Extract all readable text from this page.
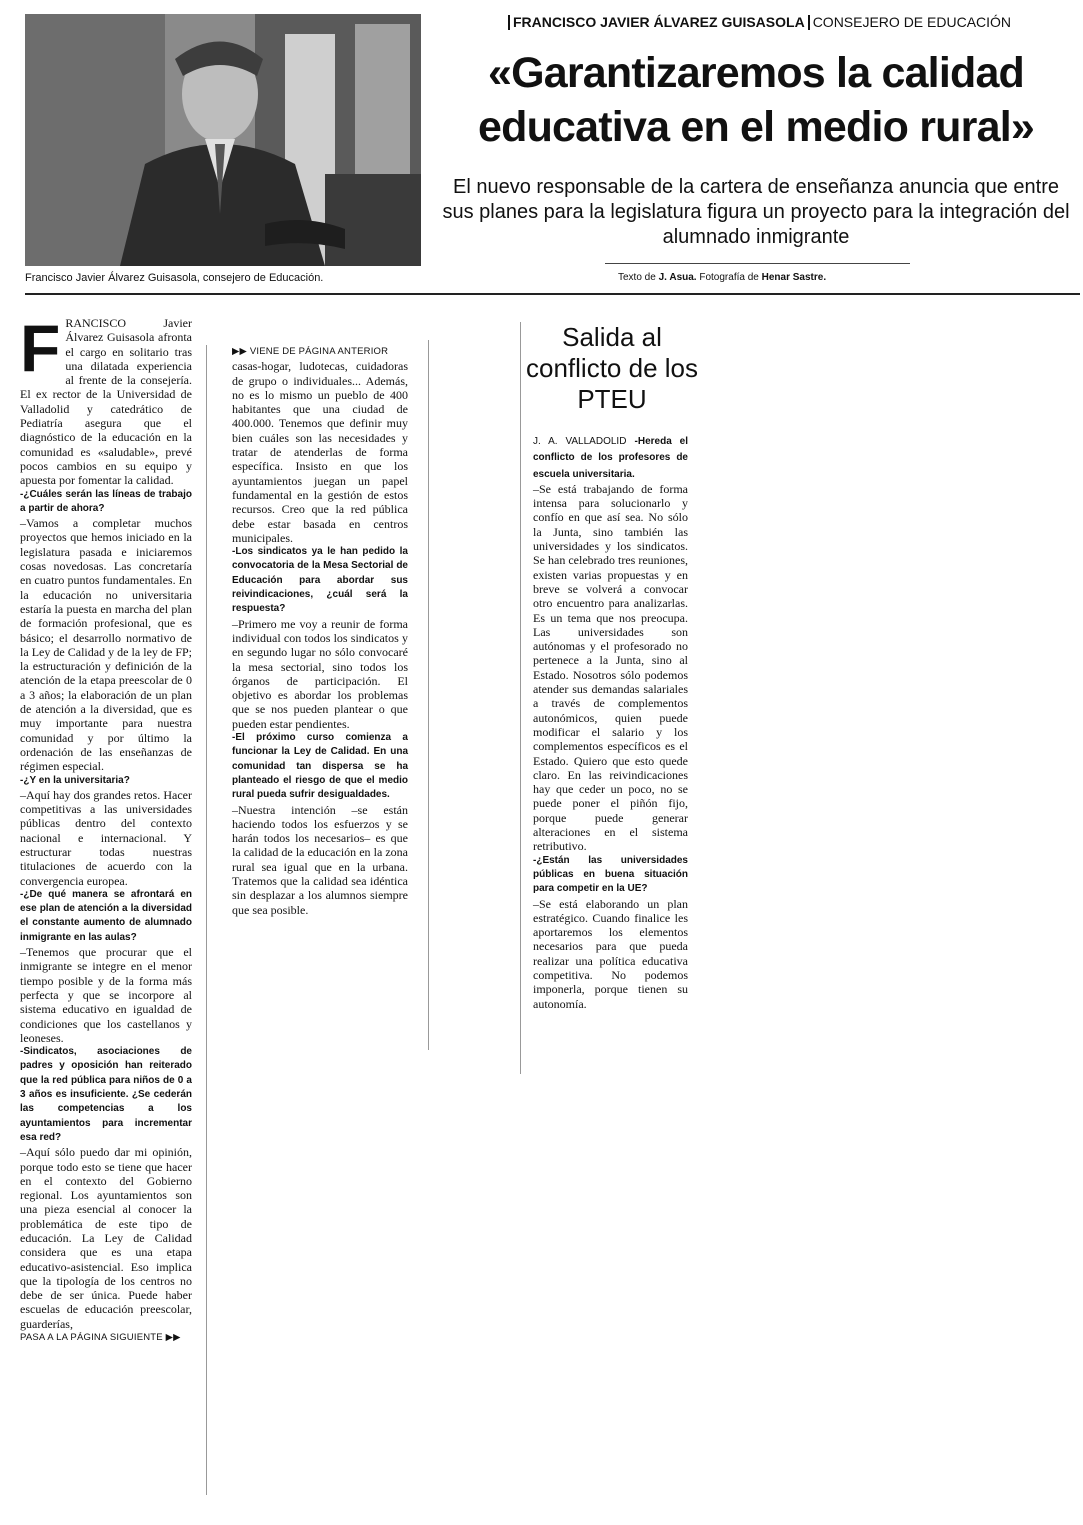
Francisco Javier Álvarez Guisasola, consejero de Educación.
FRANCISCO JAVIER ÁLVAREZ GUISASOLA CONSEJERO DE EDUCACIÓN
«Garantizaremos la calidad educativa en el medio rural»
El nuevo responsable de la cartera de enseñanza anuncia que entre sus planes para la legislatura figura un proyecto para la integración del alumnado inmigrante
Texto de J. Asua. Fotografía de Henar Sastre.
F RANCISCO Javier Álvarez Guisasola afronta el cargo en solitario tras una dilatada experiencia al frente de la consejería. El ex rector de la Universidad de Valladolid y catedrático de Pediatría asegura que el diagnóstico de la educación en la comunidad es «saludable», prevé pocos cambios en su equipo y apuesta por fomentar la calidad.

-¿Cuáles serán las líneas de trabajo a partir de ahora?

–Vamos a completar muchos proyectos que hemos iniciado en la legislatura pasada e iniciaremos cosas novedosas. Las concretaría en cuatro puntos fundamentales. En la educación no universitaria estaría la puesta en marcha del plan de formación profesional, que es básico; el desarrollo normativo de la Ley de Calidad y de la ley de FP; la estructuración y definición de la atención de la etapa preescolar de 0 a 3 años; la elaboración de un plan de atención a la diversidad, que es muy importante para nuestra comunidad y por último la ordenación de las enseñanzas de régimen especial.

-¿Y en la universitaria?

–Aquí hay dos grandes retos. Hacer competitivas a las universidades públicas dentro del contexto nacional e internacional. Y estructurar todas nuestras titulaciones de acuerdo con la convergencia europea.

-¿De qué manera se afrontará en ese plan de atención a la diversidad el constante aumento de alumnado inmigrante en las aulas?

–Tenemos que procurar que el inmigrante se integre en el menor tiempo posible y de la forma más perfecta y que se incorpore al sistema educativo en igualdad de condiciones que los castellanos y leoneses.

-Sindicatos, asociaciones de padres y oposición han reiterado que la red pública para niños de 0 a 3 años es insuficiente. ¿Se cederán las competencias a los ayuntamientos para incrementar esa red?

–Aquí sólo puedo dar mi opinión, porque todo esto se tiene que hacer en el contexto del Gobierno regional. Los ayuntamientos son una pieza esencial al conocer la problemática de este tipo de educación. La Ley de Calidad considera que es una etapa educativo-asistencial. Eso implica que la tipología de los centros no debe de ser única. Puede haber escuelas de educación preescolar, guarderías,

PASA A LA PÁGINA SIGUIENTE ▶▶

▶▶ VIENE DE PÁGINA ANTERIOR

casas-hogar, ludotecas, cuidadoras de grupo o individuales... Además, no es lo mismo un pueblo de 400 habitantes que una ciudad de 400.000. Tenemos que definir muy bien cuáles son las necesidades y tratar de atenderlas de forma específica. Insisto en que los ayuntamientos juegan un papel fundamental en la gestión de estos recursos. Creo que la red pública debe estar basada en centros municipales.

-Los sindicatos ya le han pedido la convocatoria de la Mesa Sectorial de Educación para abordar sus reivindicaciones, ¿cuál será la respuesta?

–Primero me voy a reunir de forma individual con todos los sindicatos y en segundo lugar no sólo convocaré la mesa sectorial, sino todos los órganos de participación. El objetivo es abordar los problemas que se nos pueden plantear o que pueden estar pendientes.

-El próximo curso comienza a funcionar la Ley de Calidad. En una comunidad tan dispersa se ha planteado el riesgo de que el medio rural pueda sufrir desigualdades.

–Nuestra intención –se están haciendo todos los esfuerzos y se harán todos los necesarios– es que la calidad de la educación en la zona rural sea igual que en la urbana. Tratemos que la calidad sea idéntica sin desplazar a los alumnos siempre que sea posible.

Salida al conflicto de los PTEU

J. A. VALLADOLID -Hereda el conflicto de los profesores de escuela universitaria.

–Se está trabajando de forma intensa para solucionarlo y confío en que así sea. No sólo la Junta, sino también las universidades y los sindicatos. Se han celebrado tres reuniones, existen varias propuestas y en breve se volverá a convocar otro encuentro para analizarlas. Es un tema que nos preocupa. Las universidades son autónomas y el profesorado no pertenece a la Junta, sino al Estado. Nosotros sólo podemos atender sus demandas salariales a través de complementos autonómicos, quien puede modificar el salario y los complementos específicos es el Estado. Quiero que esto quede claro. En las reivindicaciones hay que ceder un poco, no se puede poner el piñón fijo, porque puede generar alteraciones en el sistema retributivo.

-¿Están las universidades públicas en buena situación para competir en la UE?

–Se está elaborando un plan estratégico. Cuando finalice les aportaremos los elementos necesarios para que pueda realizar una política educativa competitiva. No podemos imponerla, porque tienen su autonomía.
